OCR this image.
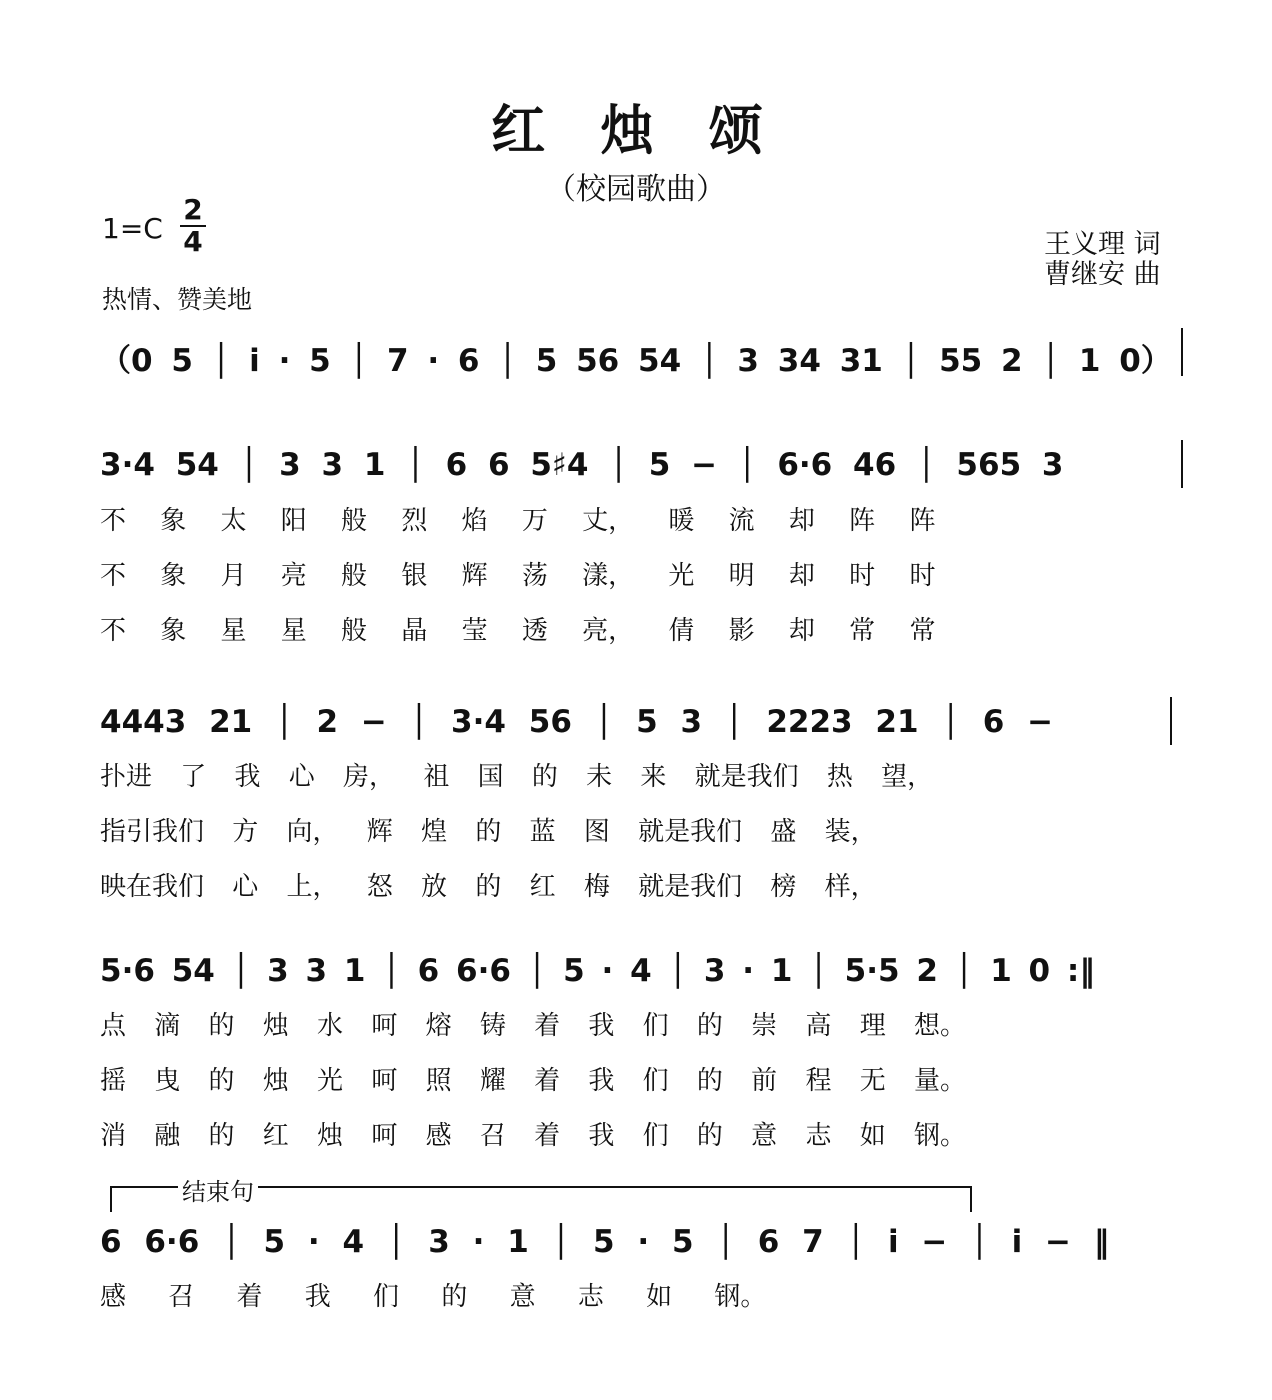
红 烛 颂
（校园歌曲）
1=C
2
4	王义理 词
曹继安 曲
热情、赞美地
（0 5 │ i · 5 │ 7 · 6 │ 5 56 54 │ 3 34 31 │ 55 2 │ 1 0）
3·4 54 │ 3 3 1 │ 6 6 5♯4 │ 5 − │ 6·6 46 │ 565 3
不 象 太 阳 般 烈 焰 万 丈， 暖 流 却 阵 阵
不 象 月 亮 般 银 辉 荡 漾， 光 明 却 时 时
不 象 星 星 般 晶 莹 透 亮， 倩 影 却 常 常
4443 21 │ 2 − │ 3·4 56 │ 5 3 │ 2223 21 │ 6 −
扑进 了 我 心 房， 祖 国 的 未 来 就是我们 热 望，
指引我们 方 向， 辉 煌 的 蓝 图 就是我们 盛 装，
映在我们 心 上， 怒 放 的 红 梅 就是我们 榜 样，
5·6 54 │ 3 3 1 │ 6 6·6 │ 5 · 4 │ 3 · 1 │ 5·5 2 │ 1 0 :‖
点 滴 的 烛 水 呵 熔 铸 着 我 们 的 崇 高 理 想。
摇 曳 的 烛 光 呵 照 耀 着 我 们 的 前 程 无 量。
消 融 的 红 烛 呵 感 召 着 我 们 的 意 志 如 钢。
结束句
6 6·6 │ 5 · 4 │ 3 · 1 │ 5 · 5 │ 6 7 │ i − │ i − ‖
感 召 着 我 们 的 意 志 如 钢。
